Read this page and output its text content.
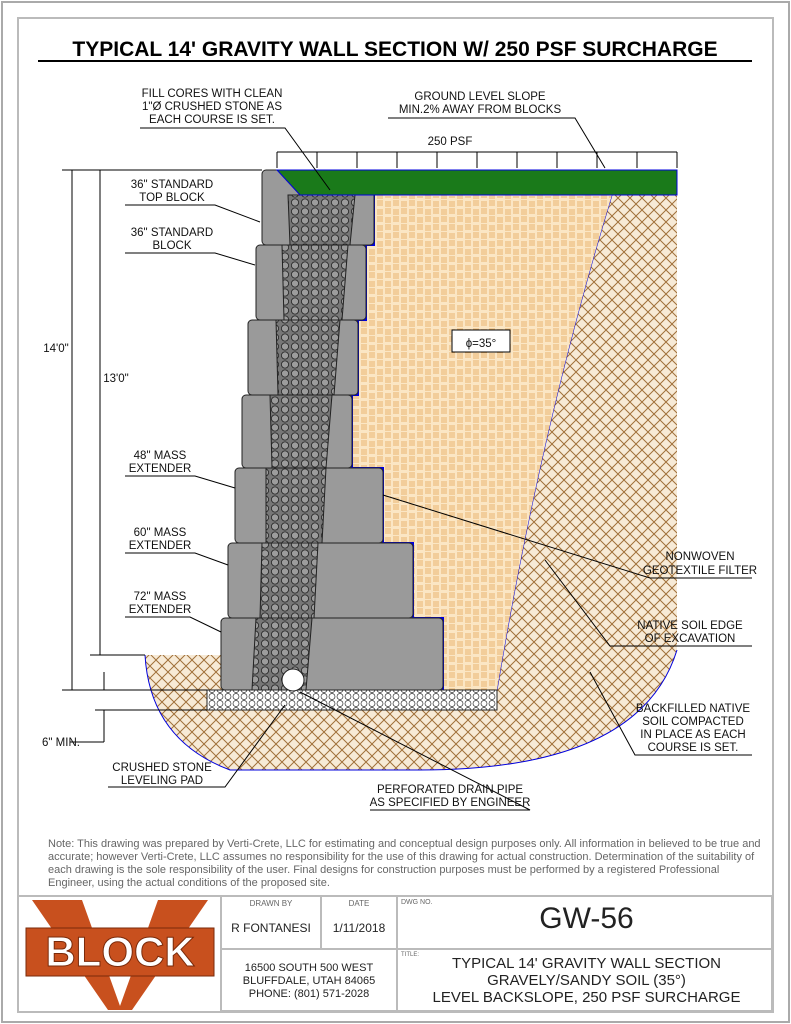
TYPICAL 14' GRAVITY WALL SECTION W/ 250 PSF SURCHARGE
250 PSF
14'0"
13'0"
6" MIN.
ϕ=35°
FILL CORES WITH CLEAN 1"Ø CRUSHED STONE AS EACH COURSE IS SET.
GROUND LEVEL SLOPE MIN.2% AWAY FROM BLOCKS
36" STANDARD TOP BLOCK
36" STANDARD BLOCK
48" MASS EXTENDER
60" MASS EXTENDER
72" MASS EXTENDER
NONWOVEN GEOTEXTILE FILTER
NATIVE SOIL EDGE OF EXCAVATION
BACKFILLED NATIVE SOIL COMPACTED IN PLACE AS EACH COURSE IS SET.
CRUSHED STONE LEVELING PAD
PERFORATED DRAIN PIPE AS SPECIFIED BY ENGINEER
Note: This drawing was prepared by Verti-Crete, LLC for estimating and conceptual design purposes only. All information in believed to be true and accurate; however Verti-Crete, LLC assumes no responsibility for the use of this drawing for actual construction. Determination of the suitability of each drawing is the sole responsibility of the user. Final designs for construction purposes must be performed by a registered Professional Engineer, using the actual conditions of the proposed site.
VERTI
BLOCK
DRAWN BY	DATE
R FONTANESI	1/11/2018
DWG NO.	GW-56
TITLE:	TYPICAL 14' GRAVITY WALL SECTION
GRAVELY/SANDY SOIL (35°)
LEVEL BACKSLOPE, 250 PSF SURCHARGE
16500 SOUTH 500 WEST
BLUFFDALE, UTAH 84065
PHONE: (801) 571-2028
